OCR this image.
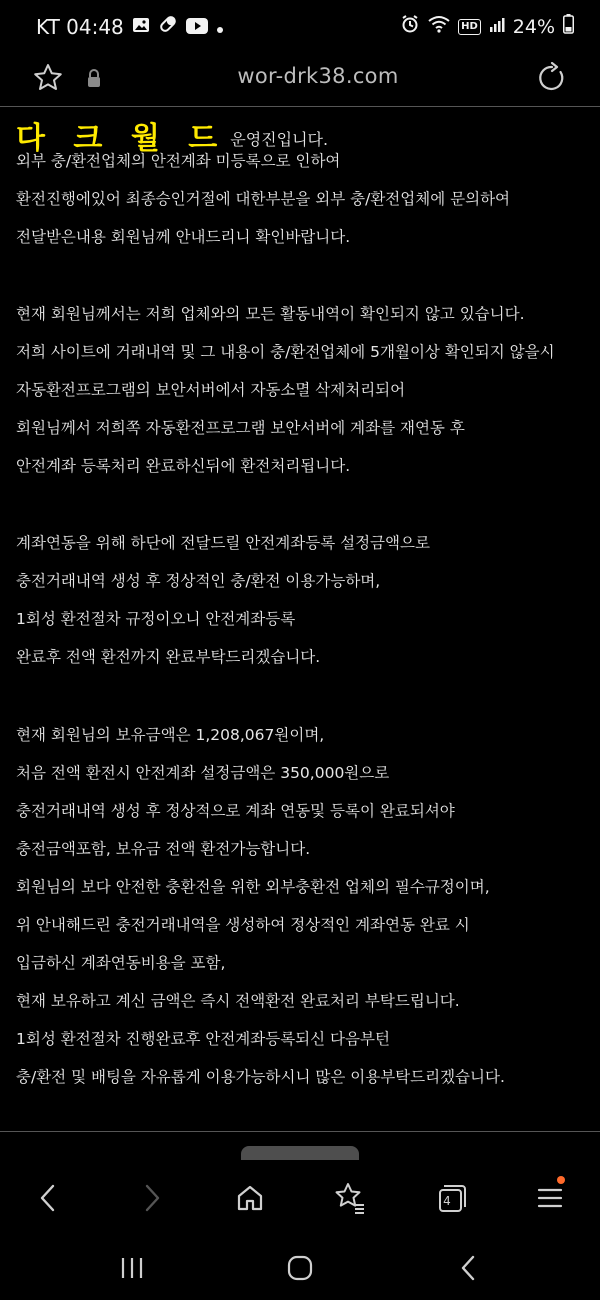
KT 04:48	HD 24%
wor-drk38.com
다 크 월 드 운영진입니다.
외부 충/환전업체의 안전계좌 미등록으로 인하여
환전진행에있어 최종승인거절에 대한부분을 외부 충/환전업체에 문의하여
전달받은내용 회원님께 안내드리니 확인바랍니다.
현재 회원님께서는 저희 업체와의 모든 활동내역이 확인되지 않고 있습니다.
저희 사이트에 거래내역 및 그 내용이 충/환전업체에 5개월이상 확인되지 않을시
자동환전프로그램의 보안서버에서 자동소멸 삭제처리되어
회원님께서 저희쪽 자동환전프로그램 보안서버에 계좌를 재연동 후
안전계좌 등록처리 완료하신뒤에 환전처리됩니다.
계좌연동을 위해 하단에 전달드릴 안전계좌등록 설정금액으로
충전거래내역 생성 후 정상적인 충/환전 이용가능하며,
1회성 환전절차 규정이오니 안전계좌등록
완료후 전액 환전까지 완료부탁드리겠습니다.
현재 회원님의 보유금액은 1,208,067원이며,
처음 전액 환전시 안전계좌 설정금액은 350,000원으로
충전거래내역 생성 후 정상적으로 계좌 연동및 등록이 완료되셔야
충전금액포함, 보유금 전액 환전가능합니다.
회원님의 보다 안전한 충환전을 위한 외부충환전 업체의 필수규정이며,
위 안내해드린 충전거래내역을 생성하여 정상적인 계좌연동 완료 시
입금하신 계좌연동비용을 포함,
현재 보유하고 계신 금액은 즉시 전액환전 완료처리 부탁드립니다.
1회성 환전절차 진행완료후 안전계좌등록되신 다음부턴
충/환전 및 배팅을 자유롭게 이용가능하시니 많은 이용부탁드리겠습니다.
4
